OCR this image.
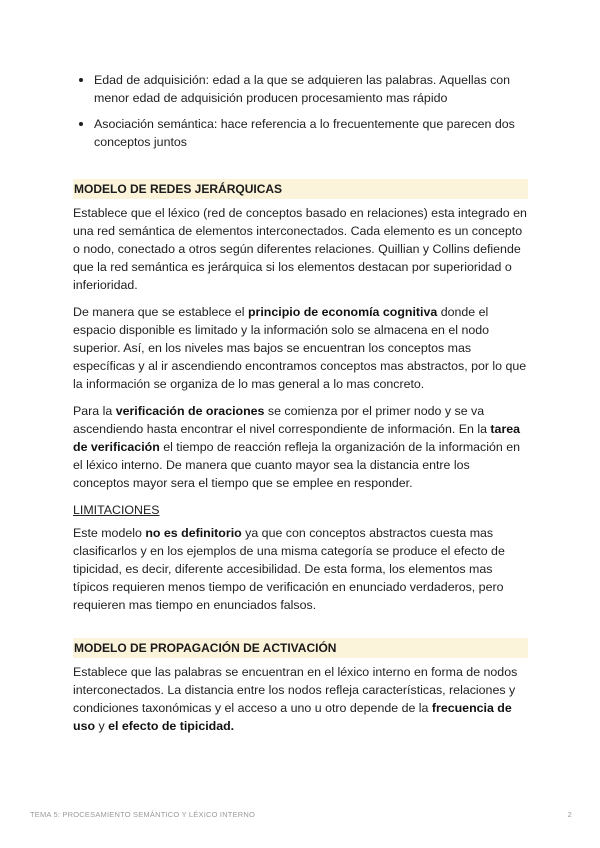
Edad de adquisición: edad a la que se adquieren las palabras. Aquellas con menor edad de adquisición producen procesamiento mas rápido
Asociación semántica: hace referencia a lo frecuentemente que parecen dos conceptos juntos
MODELO DE REDES JERÁRQUICAS

Establece que el léxico (red de conceptos basado en relaciones) esta integrado en una red semántica de elementos interconectados. Cada elemento es un concepto o nodo, conectado a otros según diferentes relaciones. Quillian y Collins defiende que la red semántica es jerárquica si los elementos destacan por superioridad o inferioridad.

De manera que se establece el principio de economía cognitiva donde el espacio disponible es limitado y la información solo se almacena en el nodo superior. Así, en los niveles mas bajos se encuentran los conceptos mas específicas y al ir ascendiendo encontramos conceptos mas abstractos, por lo que la información se organiza de lo mas general a lo mas concreto.

Para la verificación de oraciones se comienza por el primer nodo y se va ascendiendo hasta encontrar el nivel correspondiente de información. En la tarea de verificación el tiempo de reacción refleja la organización de la información en el léxico interno. De manera que cuanto mayor sea la distancia entre los conceptos mayor sera el tiempo que se emplee en responder.

LIMITACIONES

Este modelo no es definitorio ya que con conceptos abstractos cuesta mas clasificarlos y en los ejemplos de una misma categoría se produce el efecto de tipicidad, es decir, diferente accesibilidad. De esta forma, los elementos mas típicos requieren menos tiempo de verificación en enunciado verdaderos, pero requieren mas tiempo en enunciados falsos.

MODELO DE PROPAGACIÓN DE ACTIVACIÓN

Establece que las palabras se encuentran en el léxico interno en forma de nodos interconectados. La distancia entre los nodos refleja características, relaciones y condiciones taxonómicas y el acceso a uno u otro depende de la frecuencia de uso y el efecto de tipicidad.

TEMA 5: PROCESAMIENTO SEMÁNTICO Y LÉXICO INTERNO	2
